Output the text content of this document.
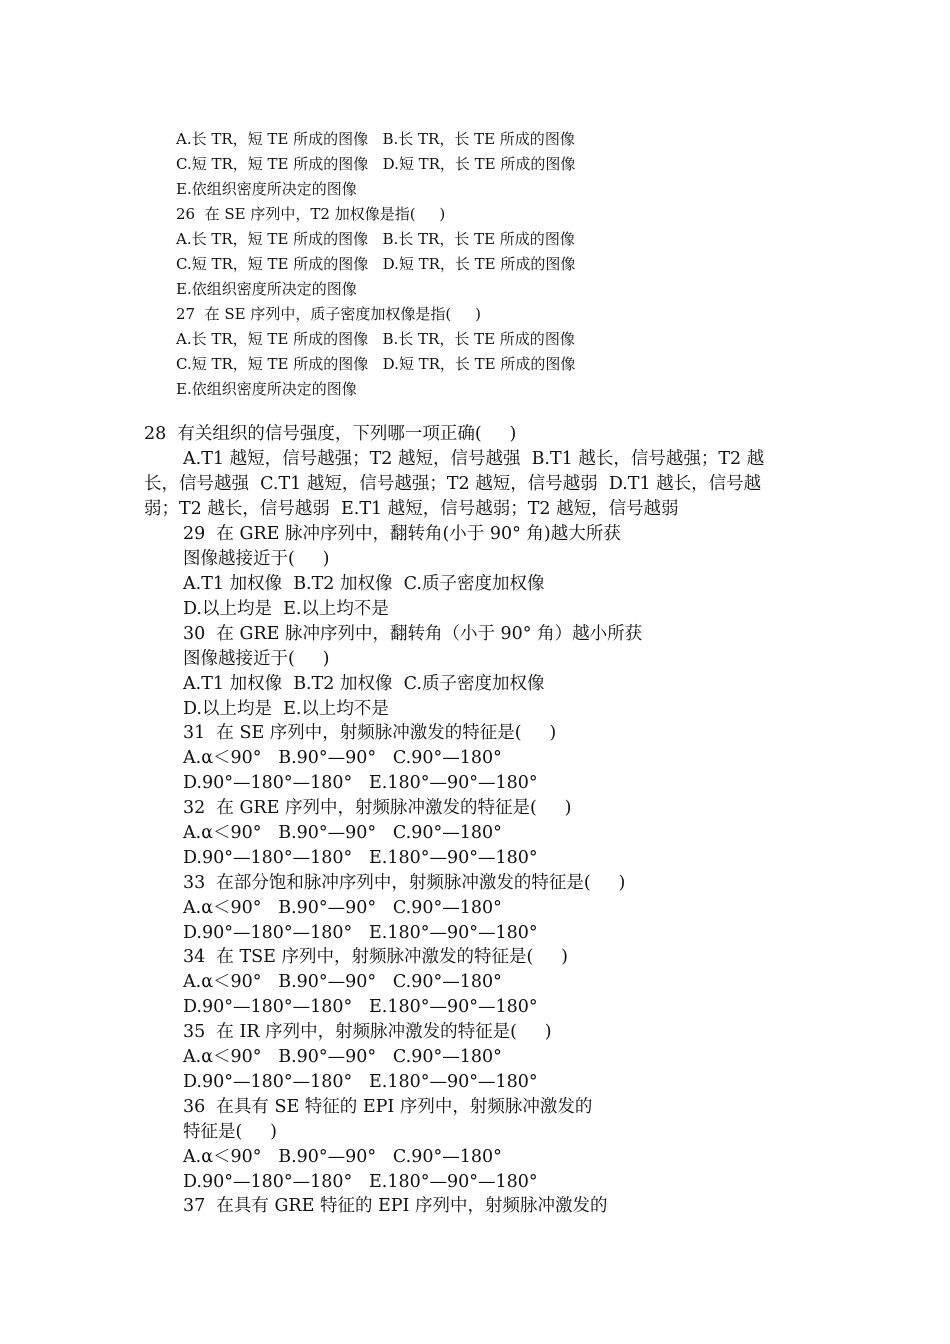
A.长 TR，短 TE 所成的图像   B.长 TR，长 TE 所成的图像
C.短 TR，短 TE 所成的图像   D.短 TR，长 TE 所成的图像
E.依组织密度所决定的图像
26  在 SE 序列中，T2 加权像是指(     )
A.长 TR，短 TE 所成的图像   B.长 TR，长 TE 所成的图像
C.短 TR，短 TE 所成的图像   D.短 TR，长 TE 所成的图像
E.依组织密度所决定的图像
27  在 SE 序列中，质子密度加权像是指(     )
A.长 TR，短 TE 所成的图像   B.长 TR，长 TE 所成的图像
C.短 TR，短 TE 所成的图像   D.短 TR，长 TE 所成的图像
E.依组织密度所决定的图像
28  有关组织的信号强度，下列哪一项正确(     )
A.T1 越短，信号越强；T2 越短，信号越强  B.T1 越长，信号越强；T2 越
长，信号越强  C.T1 越短，信号越强；T2 越短，信号越弱  D.T1 越长，信号越
弱；T2 越长，信号越弱  E.T1 越短，信号越弱；T2 越短，信号越弱
29  在 GRE 脉冲序列中，翻转角(小于 90° 角)越大所获
图像越接近于(     )
A.T1 加权像  B.T2 加权像  C.质子密度加权像
D.以上均是  E.以上均不是
30  在 GRE 脉冲序列中，翻转角（小于 90° 角）越小所获
图像越接近于(     )
A.T1 加权像  B.T2 加权像  C.质子密度加权像
D.以上均是  E.以上均不是
31  在 SE 序列中，射频脉冲激发的特征是(     )
A.α＜90°   B.90°—90°   C.90°—180°
D.90°—180°—180°   E.180°—90°—180°
32  在 GRE 序列中，射频脉冲激发的特征是(     )
A.α＜90°   B.90°—90°   C.90°—180°
D.90°—180°—180°   E.180°—90°—180°
33  在部分饱和脉冲序列中，射频脉冲激发的特征是(     )
A.α＜90°   B.90°—90°   C.90°—180°
D.90°—180°—180°   E.180°—90°—180°
34  在 TSE 序列中，射频脉冲激发的特征是(     )
A.α＜90°   B.90°—90°   C.90°—180°
D.90°—180°—180°   E.180°—90°—180°
35  在 IR 序列中，射频脉冲激发的特征是(     )
A.α＜90°   B.90°—90°   C.90°—180°
D.90°—180°—180°   E.180°—90°—180°
36  在具有 SE 特征的 EPI 序列中，射频脉冲激发的
特征是(     )
A.α＜90°   B.90°—90°   C.90°—180°
D.90°—180°—180°   E.180°—90°—180°
37  在具有 GRE 特征的 EPI 序列中，射频脉冲激发的
